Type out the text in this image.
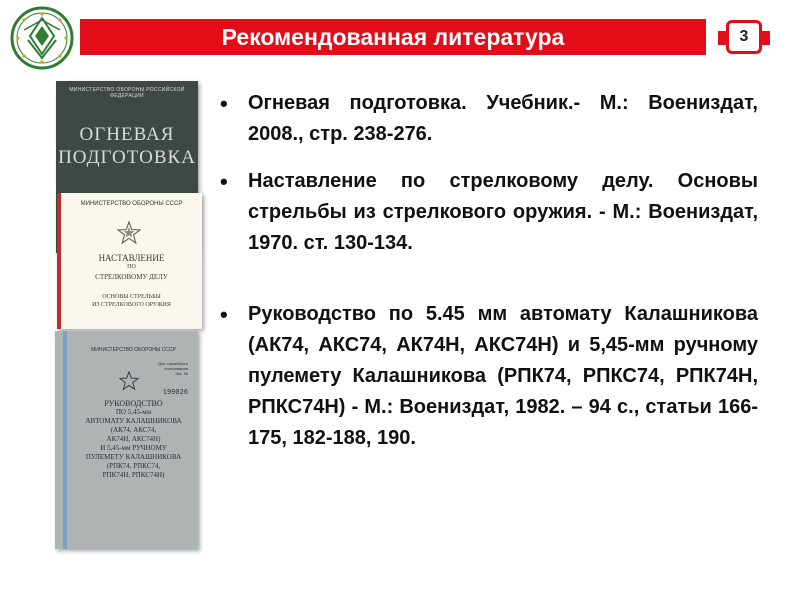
Рекомендованная литература	3
МИНИСТЕРСТВО ОБОРОНЫ РОССИЙСКОЙ ФЕДЕРАЦИИ
ОГНЕВАЯ
ПОДГОТОВКА
МИНИСТЕРСТВО ОБОРОНЫ СССР
НАСТАВЛЕНИЕ
ПО
СТРЕЛКОВОМУ ДЕЛУ
ОСНОВЫ СТРЕЛЬБЫ
ИЗ СТРЕЛКОВОГО ОРУЖИЯ
МИНИСТЕРСТВО ОБОРОНЫ СССР
Для служебного
пользования
Экз. №
199026
РУКОВОДСТВО
ПО 5,45-мм
АВТОМАТУ КАЛАШНИКОВА
(АК74, АКС74,
АК74Н, АКС74Н)
И 5,45-мм РУЧНОМУ
ПУЛЕМЕТУ КАЛАШНИКОВА
(РПК74, РПКС74,
РПК74Н, РПКС74Н)
• Огневая подготовка. Учебник.- М.: Воениздат, 2008., стр. 238-276.
• Наставление по стрелковому делу. Основы стрельбы из стрелкового оружия. - М.: Воениздат, 1970. ст. 130-134.
• Руководство по 5.45 мм автомату Калашникова (АК74, АКС74, АК74Н, АКС74Н) и 5,45-мм ручному пулемету Калашникова (РПК74, РПКС74, РПК74Н, РПКС74Н) - М.: Воениздат, 1982. – 94 с., статьи 166-175, 182-188, 190.
